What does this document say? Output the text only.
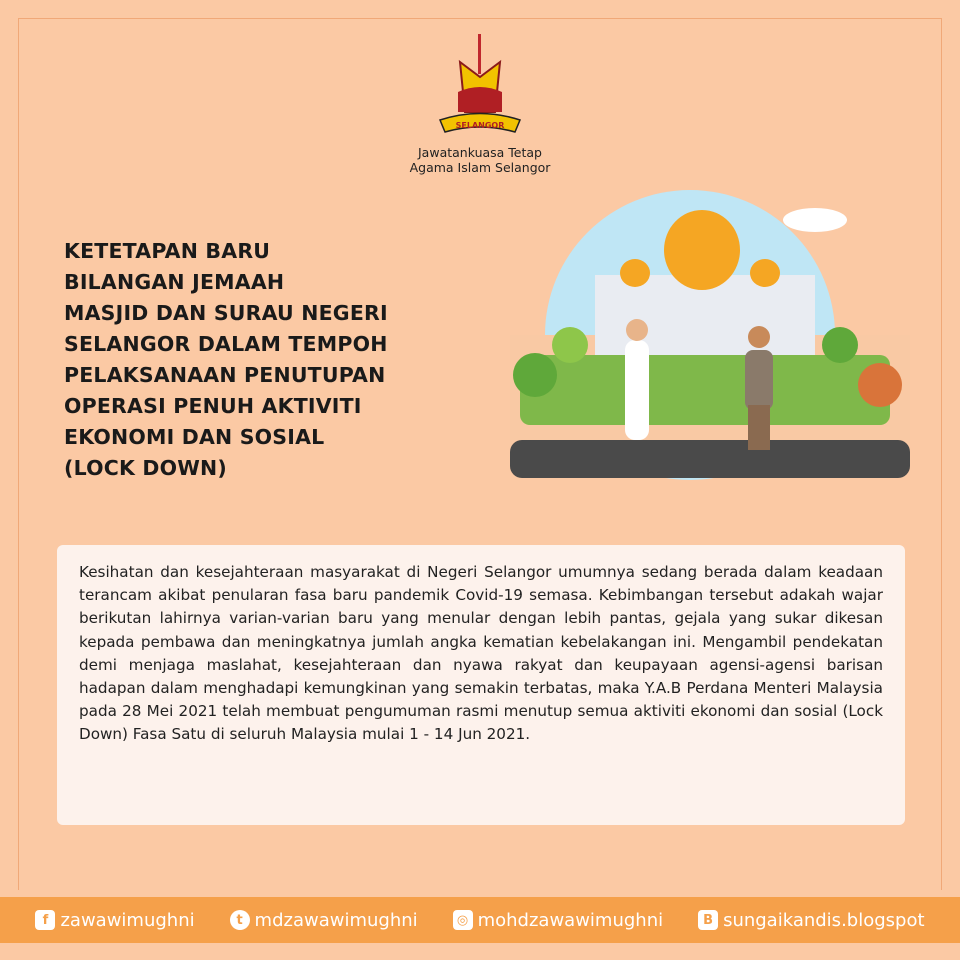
SELANGOR
Jawatankuasa Tetap
Agama Islam Selangor
KETETAPAN BARU
BILANGAN JEMAAH
MASJID DAN SURAU NEGERI
SELANGOR DALAM TEMPOH
PELAKSANAAN PENUTUPAN
OPERASI PENUH AKTIVITI
EKONOMI DAN SOSIAL
(LOCK DOWN)

Kesihatan dan kesejahteraan masyarakat di Negeri Selangor umumnya sedang berada dalam keadaan terancam akibat penularan fasa baru pandemik Covid-19 semasa. Kebimbangan tersebut adakah wajar berikutan lahirnya varian-varian baru yang menular dengan lebih pantas, gejala yang sukar dikesan kepada pembawa dan meningkatnya jumlah angka kematian kebelakangan ini. Mengambil pendekatan demi menjaga maslahat, kesejahteraan dan nyawa rakyat dan keupayaan agensi-agensi barisan hadapan dalam menghadapi kemungkinan yang semakin terbatas, maka Y.A.B Perdana Menteri Malaysia pada 28 Mei 2021 telah membuat pengumuman rasmi menutup semua aktiviti ekonomi dan sosial (Lock Down) Fasa Satu di seluruh Malaysia mulai 1 - 14 Jun 2021.

f zawawimughni	t mdzawawimughni	◎ mohdzawawimughni	B sungaikandis.blogspot
